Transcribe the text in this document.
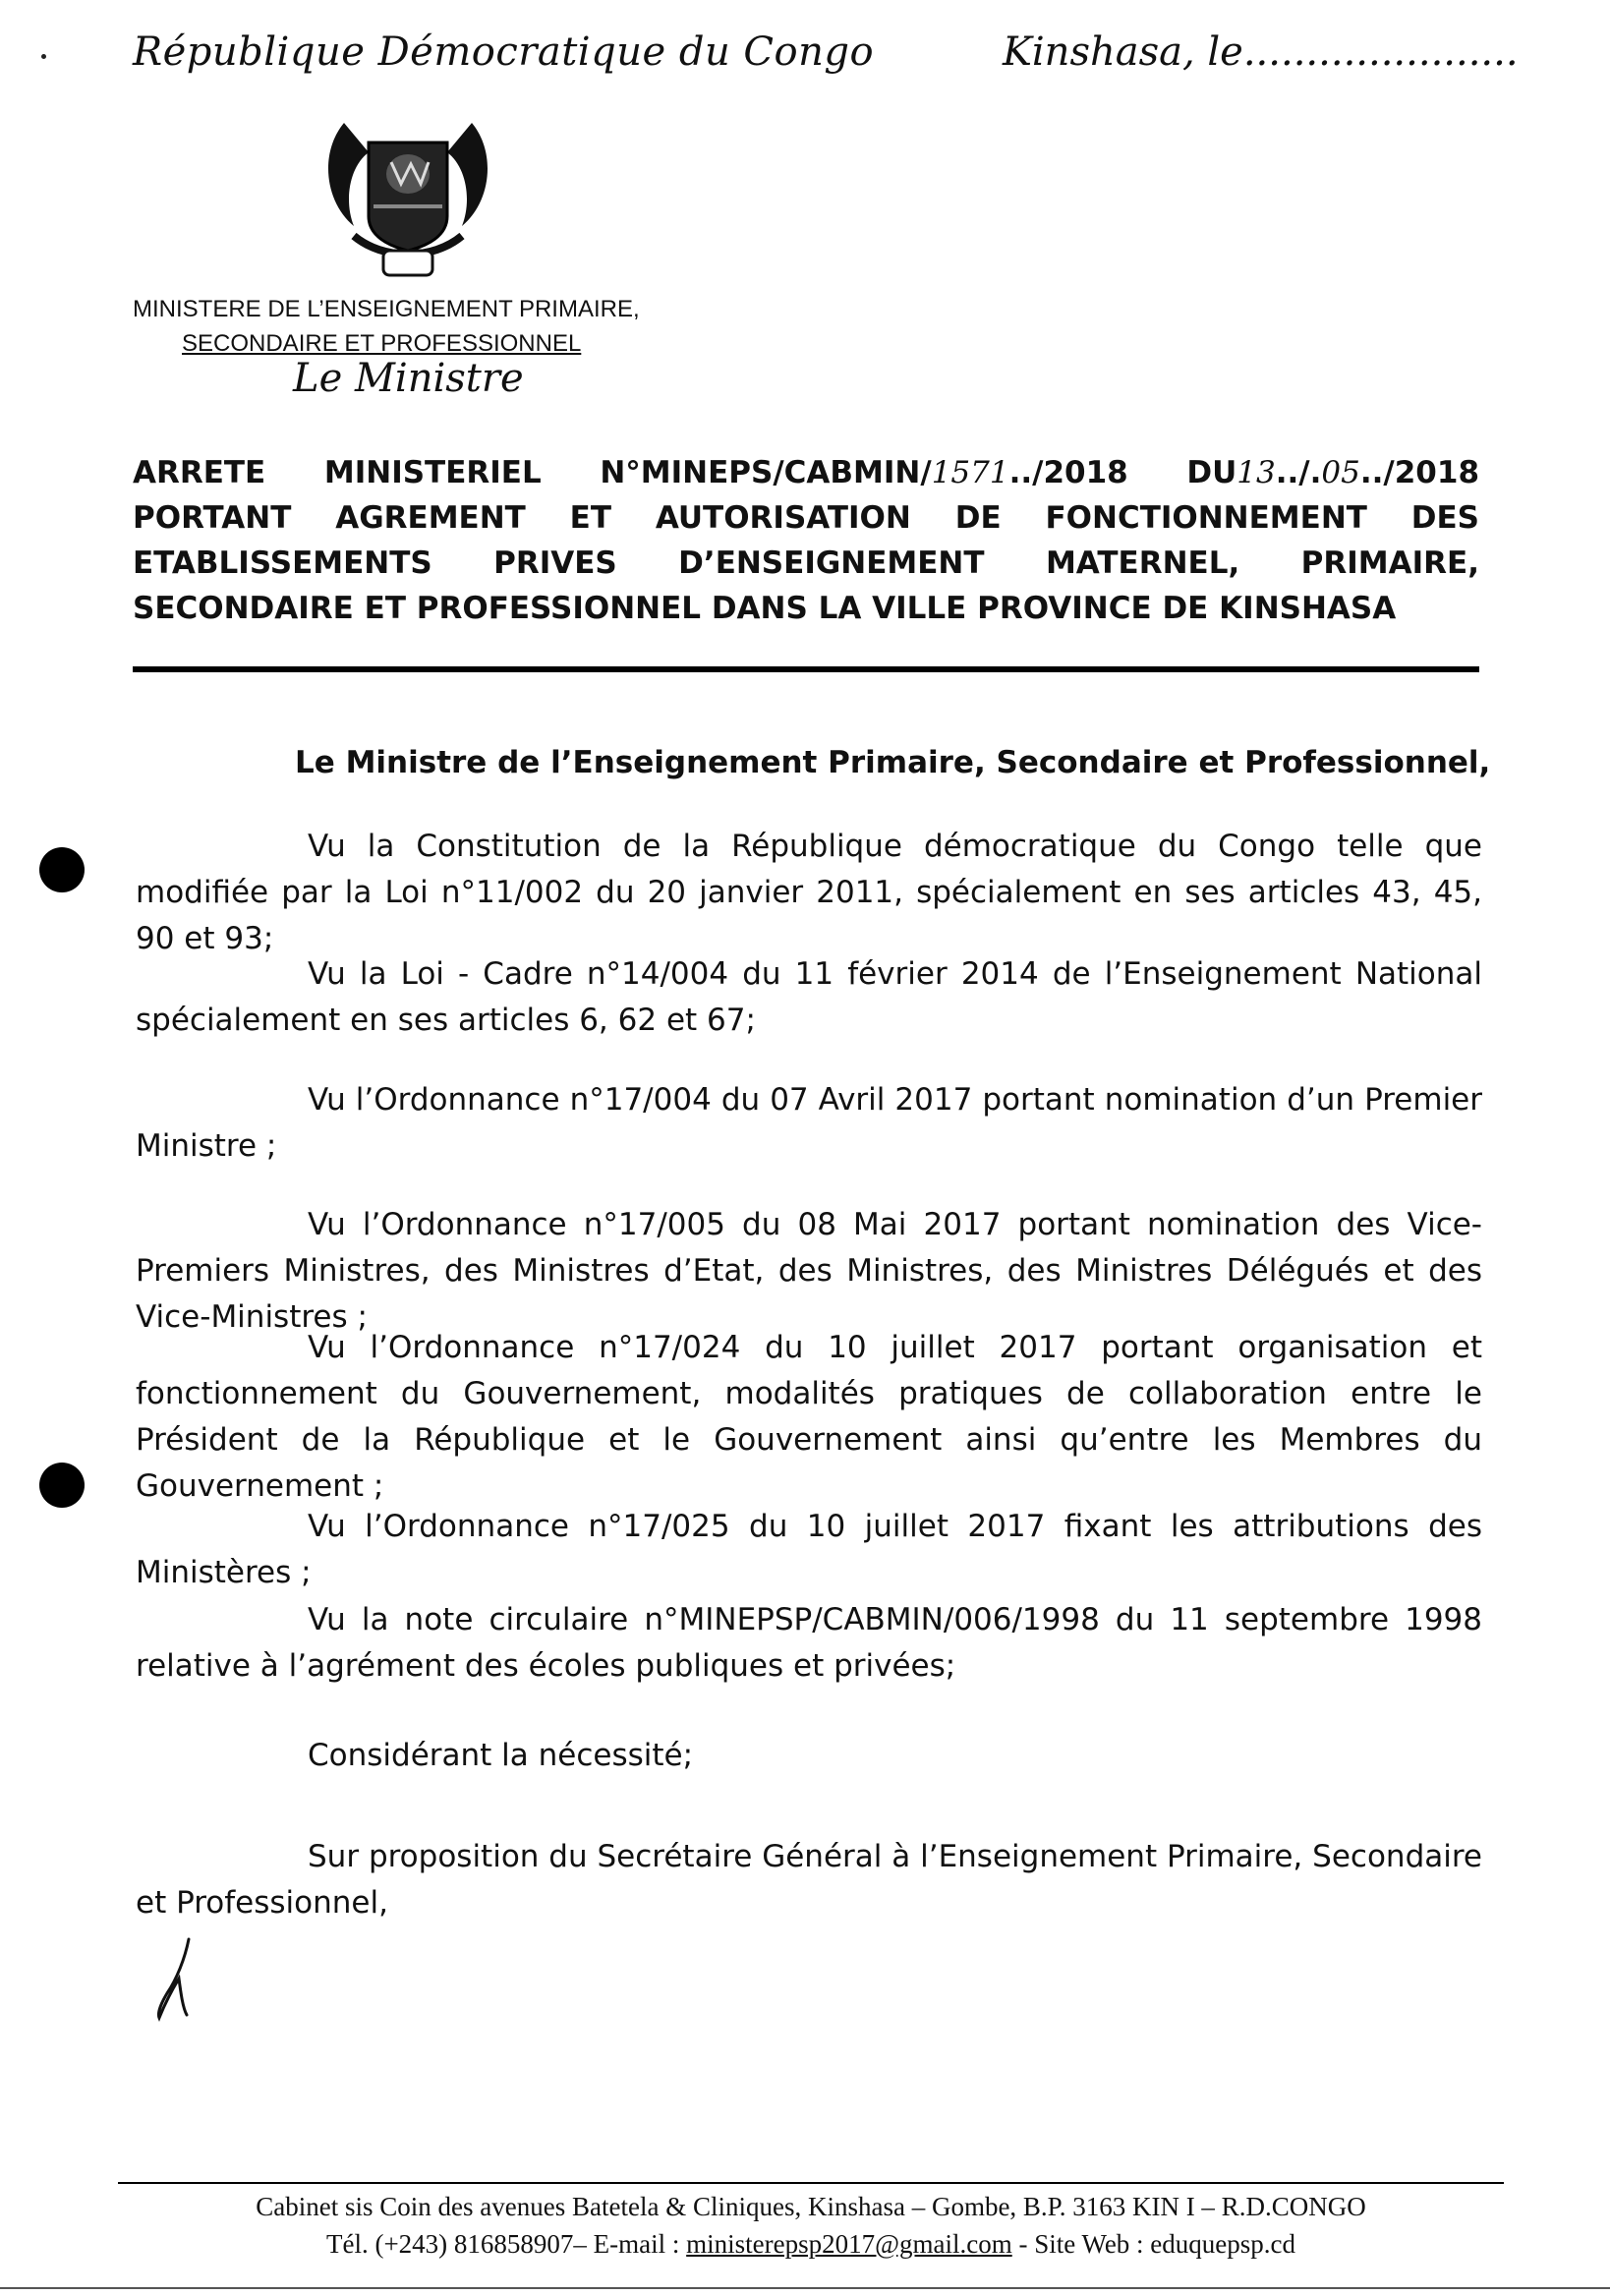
République Démocratique du Congo	Kinshasa, le......................
MINISTERE DE L’ENSEIGNEMENT PRIMAIRE,
SECONDAIRE ET PROFESSIONNEL
Le Ministre
ARRETE MINISTERIEL N°MINEPS/CABMIN/1571../2018 DU13../.05../2018
PORTANT AGREMENT ET AUTORISATION DE FONCTIONNEMENT DES
ETABLISSEMENTS PRIVES D’ENSEIGNEMENT MATERNEL, PRIMAIRE,
SECONDAIRE ET PROFESSIONNEL DANS LA VILLE PROVINCE DE KINSHASA
Le Ministre de l’Enseignement Primaire, Secondaire et Professionnel,
Vu la Constitution de la République démocratique du Congo telle que modifiée par la Loi n°11/002 du 20 janvier 2011, spécialement en ses articles 43, 45, 90 et 93;
Vu la Loi - Cadre n°14/004 du 11 février 2014 de l’Enseignement National spécialement en ses articles 6, 62 et 67;
Vu l’Ordonnance n°17/004 du 07 Avril 2017 portant nomination d’un Premier Ministre ;
Vu l’Ordonnance n°17/005 du 08 Mai 2017 portant nomination des Vice-Premiers Ministres, des Ministres d’Etat, des Ministres, des Ministres Délégués et des Vice-Ministres ;
Vu l’Ordonnance n°17/024 du 10 juillet 2017 portant organisation et fonctionnement du Gouvernement, modalités pratiques de collaboration entre le Président de la République et le Gouvernement ainsi qu’entre les Membres du Gouvernement ;
Vu l’Ordonnance n°17/025 du 10 juillet 2017 fixant les attributions des Ministères ;
Vu la note circulaire n°MINEPSP/CABMIN/006/1998 du 11 septembre 1998 relative à l’agrément des écoles publiques et privées;
Considérant la nécessité;
Sur proposition du Secrétaire Général à l’Enseignement Primaire, Secondaire et Professionnel,
Cabinet sis Coin des avenues Batetela & Cliniques, Kinshasa – Gombe, B.P. 3163 KIN I – R.D.CONGO
Tél. (+243) 816858907– E-mail : ministerepsp2017@gmail.com - Site Web : eduquepsp.cd
